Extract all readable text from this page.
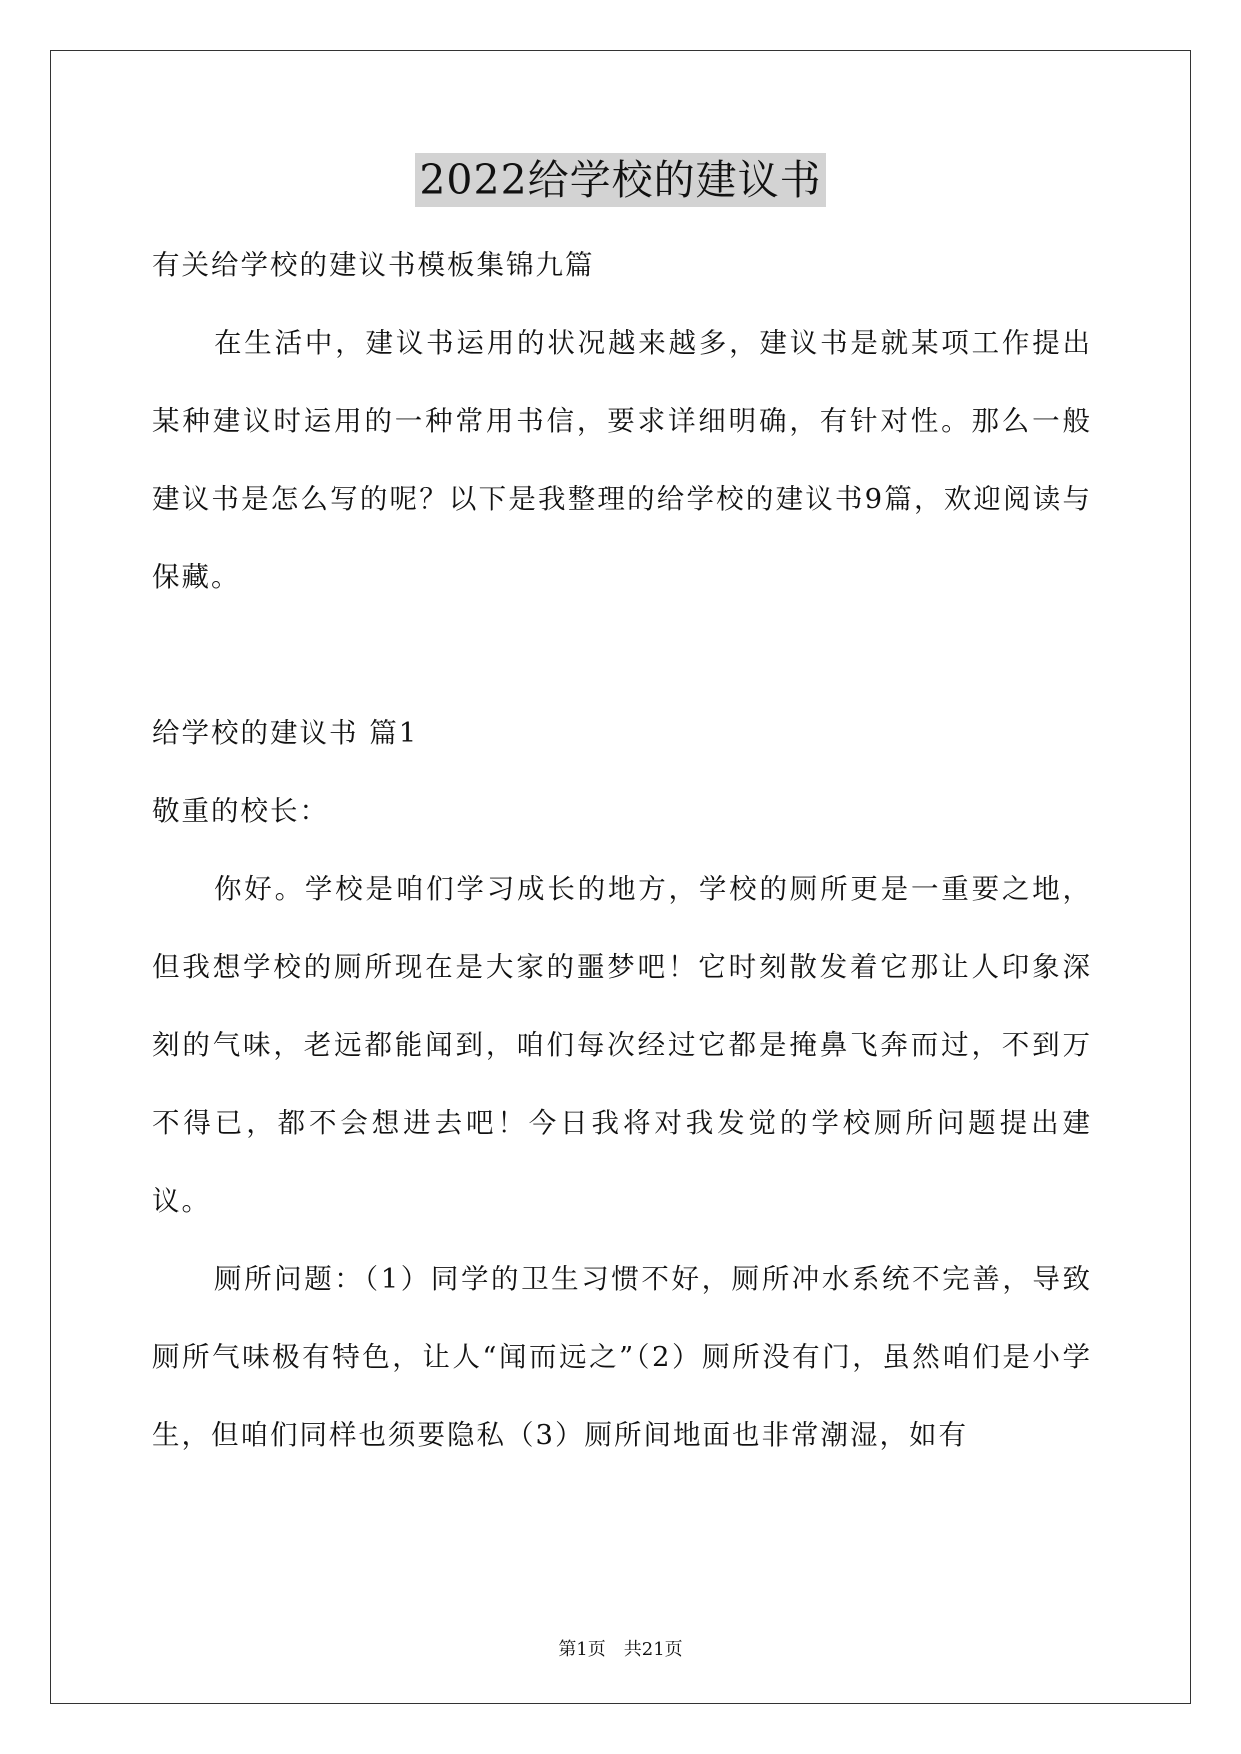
2022给学校的建议书

有关给学校的建议书模板集锦九篇

在生活中，建议书运用的状况越来越多，建议书是就某项工作提出某种建议时运用的一种常用书信，要求详细明确，有针对性。那么一般建议书是怎么写的呢？以下是我整理的给学校的建议书9篇，欢迎阅读与保藏。

给学校的建议书 篇1

敬重的校长：

你好。学校是咱们学习成长的地方，学校的厕所更是一重要之地，但我想学校的厕所现在是大家的噩梦吧！它时刻散发着它那让人印象深刻的气味，老远都能闻到，咱们每次经过它都是掩鼻飞奔而过，不到万不得已，都不会想进去吧！今日我将对我发觉的学校厕所问题提出建议。

厕所问题：（1）同学的卫生习惯不好，厕所冲水系统不完善，导致厕所气味极有特色，让人“闻而远之”（2）厕所没有门，虽然咱们是小学生，但咱们同样也须要隐私（3）厕所间地面也非常潮湿，如有

第1页　共21页
